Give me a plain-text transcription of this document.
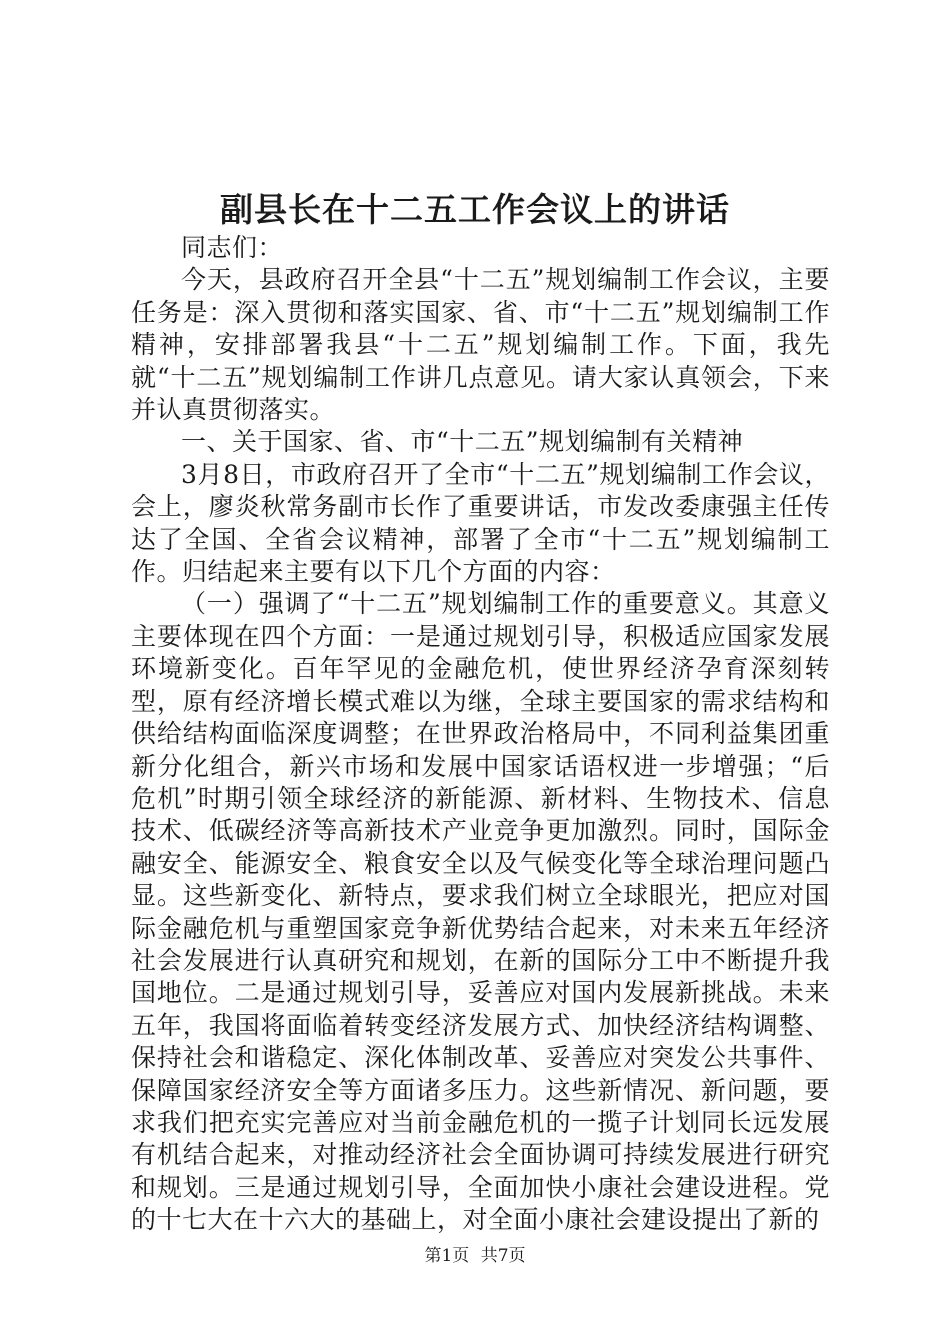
副县长在十二五工作会议上的讲话

同志们：

今天，县政府召开全县“十二五”规划编制工作会议，主要任务是：深入贯彻和落实国家、省、市“十二五”规划编制工作精神，安排部署我县“十二五”规划编制工作。下面，我先就“十二五”规划编制工作讲几点意见。请大家认真领会，下来并认真贯彻落实。

一、关于国家、省、市“十二五”规划编制有关精神

3月8日，市政府召开了全市“十二五”规划编制工作会议，会上，廖炎秋常务副市长作了重要讲话，市发改委康强主任传达了全国、全省会议精神，部署了全市“十二五”规划编制工作。归结起来主要有以下几个方面的内容：

（一）强调了“十二五”规划编制工作的重要意义。其意义主要体现在四个方面：一是通过规划引导，积极适应国家发展环境新变化。百年罕见的金融危机，使世界经济孕育深刻转型，原有经济增长模式难以为继，全球主要国家的需求结构和供给结构面临深度调整；在世界政治格局中，不同利益集团重新分化组合，新兴市场和发展中国家话语权进一步增强；“后危机”时期引领全球经济的新能源、新材料、生物技术、信息技术、低碳经济等高新技术产业竞争更加激烈。同时，国际金融安全、能源安全、粮食安全以及气候变化等全球治理问题凸显。这些新变化、新特点，要求我们树立全球眼光，把应对国际金融危机与重塑国家竞争新优势结合起来，对未来五年经济社会发展进行认真研究和规划，在新的国际分工中不断提升我国地位。二是通过规划引导，妥善应对国内发展新挑战。未来五年，我国将面临着转变经济发展方式、加快经济结构调整、保持社会和谐稳定、深化体制改革、妥善应对突发公共事件、保障国家经济安全等方面诸多压力。这些新情况、新问题，要求我们把充实完善应对当前金融危机的一揽子计划同长远发展有机结合起来，对推动经济社会全面协调可持续发展进行研究和规划。三是通过规划引导，全面加快小康社会建设进程。党的十七大在十六大的基础上，对全面小康社会建设提出了新的

第1页 共7页
